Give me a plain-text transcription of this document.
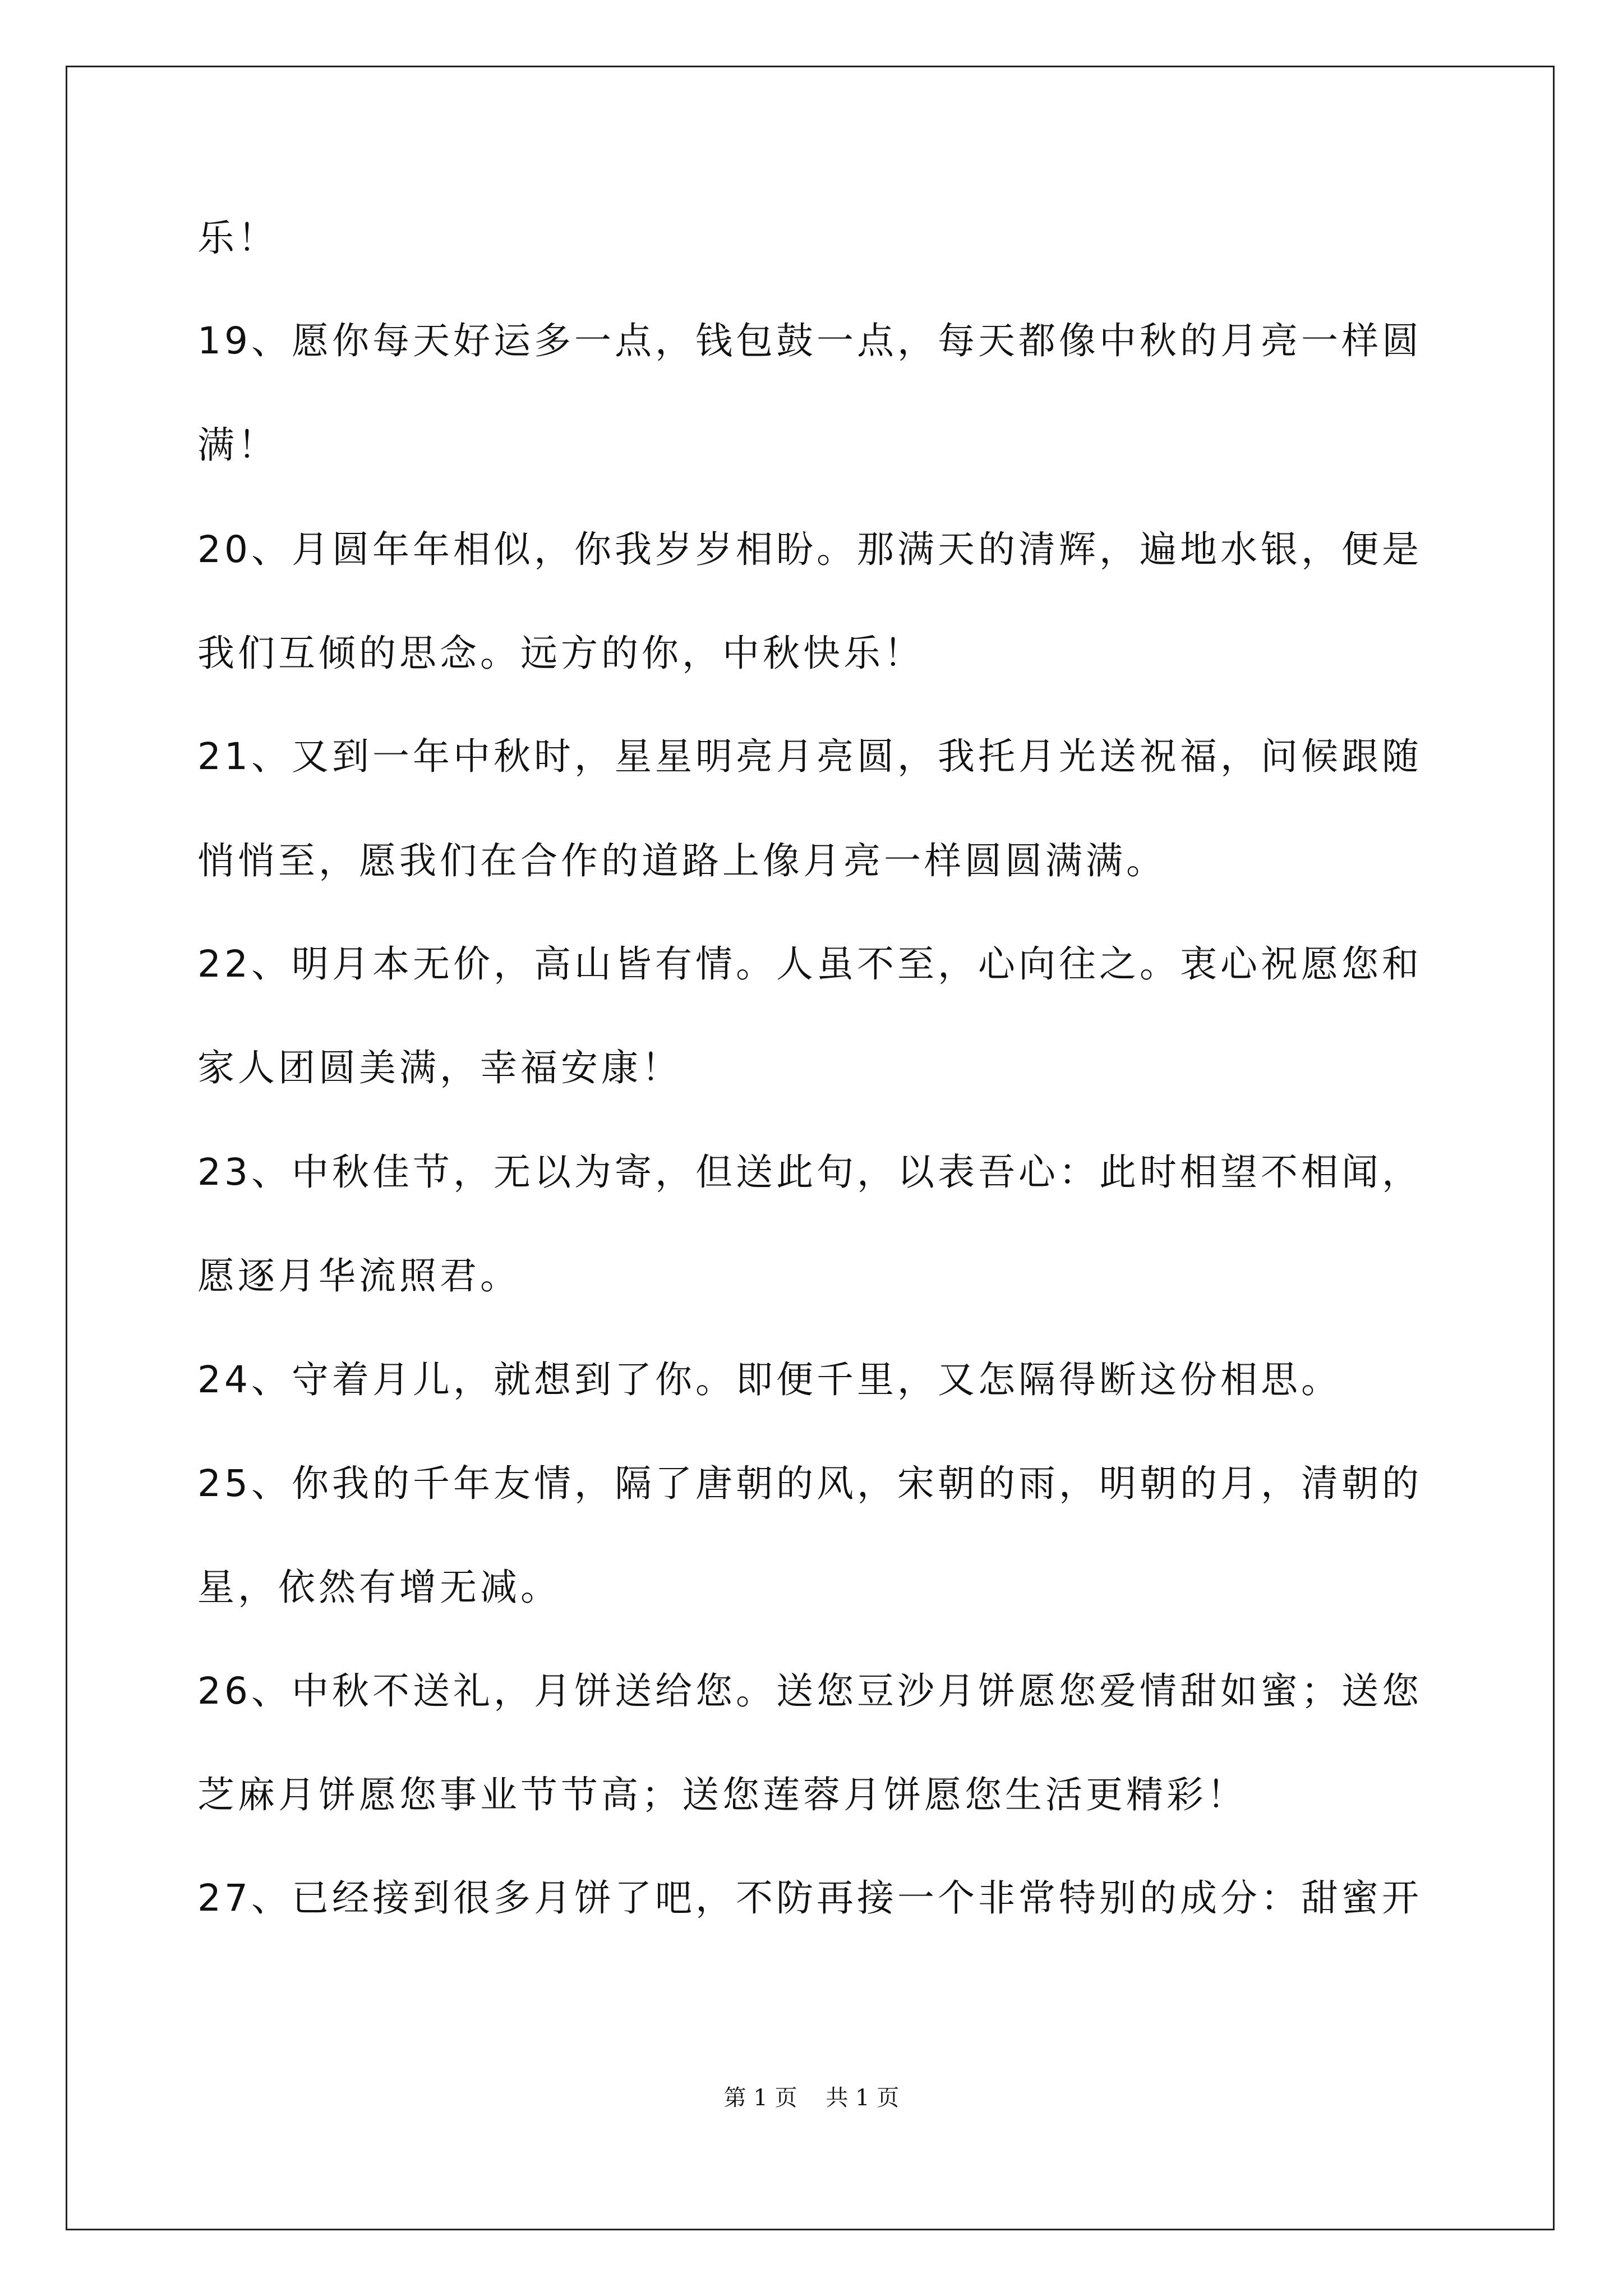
乐！
19、愿你每天好运多一点，钱包鼓一点，每天都像中秋的月亮一样圆
满！
20、月圆年年相似，你我岁岁相盼。那满天的清辉，遍地水银，便是
我们互倾的思念。远方的你，中秋快乐！
21、又到一年中秋时，星星明亮月亮圆，我托月光送祝福，问候跟随
悄悄至，愿我们在合作的道路上像月亮一样圆圆满满。
22、明月本无价，高山皆有情。人虽不至，心向往之。衷心祝愿您和
家人团圆美满，幸福安康！
23、中秋佳节，无以为寄，但送此句，以表吾心：此时相望不相闻，
愿逐月华流照君。
24、守着月儿，就想到了你。即便千里，又怎隔得断这份相思。
25、你我的千年友情，隔了唐朝的风，宋朝的雨，明朝的月，清朝的
星，依然有增无减。
26、中秋不送礼，月饼送给您。送您豆沙月饼愿您爱情甜如蜜；送您
芝麻月饼愿您事业节节高；送您莲蓉月饼愿您生活更精彩！
27、已经接到很多月饼了吧，不防再接一个非常特别的成分：甜蜜开
第 1 页 共 1 页
